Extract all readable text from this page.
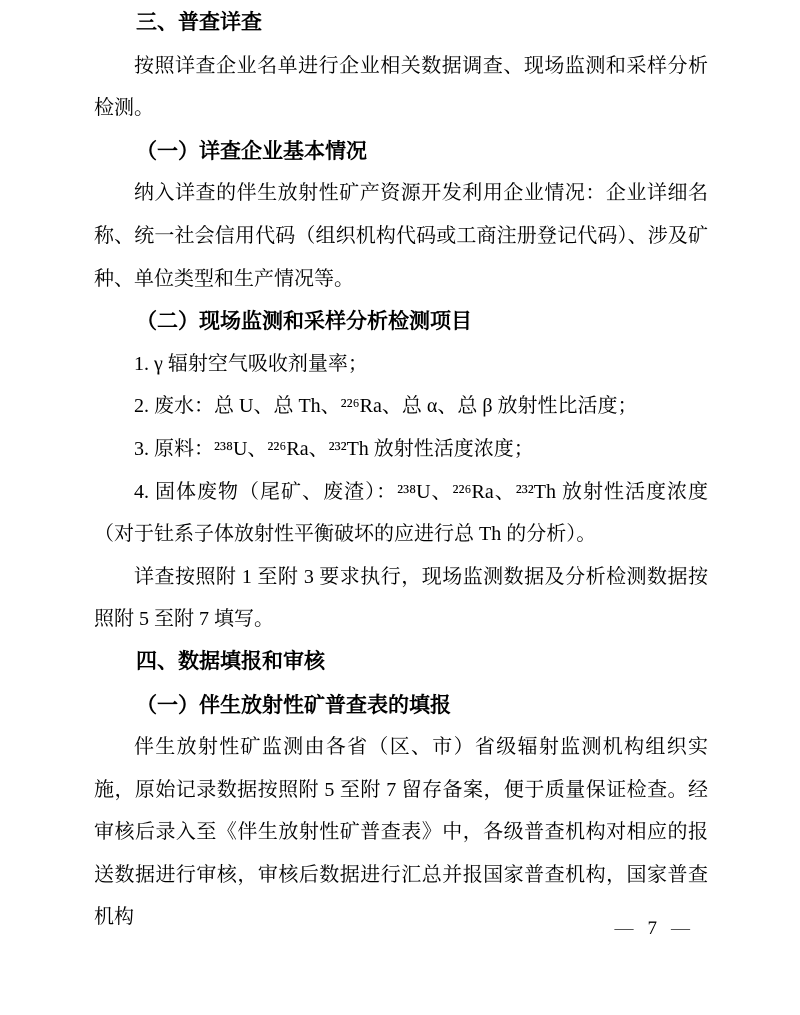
三、普查详查
按照详查企业名单进行企业相关数据调查、现场监测和采样分析检测。
（一）详查企业基本情况
纳入详查的伴生放射性矿产资源开发利用企业情况：企业详细名称、统一社会信用代码（组织机构代码或工商注册登记代码）、涉及矿种、单位类型和生产情况等。
（二）现场监测和采样分析检测项目
1. γ 辐射空气吸收剂量率；
2. 废水：总 U、总 Th、²²⁶Ra、总 α、总 β 放射性比活度；
3. 原料：²³⁸U、²²⁶Ra、²³²Th 放射性活度浓度；
4. 固体废物（尾矿、废渣）：²³⁸U、²²⁶Ra、²³²Th 放射性活度浓度（对于钍系子体放射性平衡破坏的应进行总 Th 的分析）。
详查按照附 1 至附 3 要求执行，现场监测数据及分析检测数据按照附 5 至附 7 填写。
四、数据填报和审核
（一）伴生放射性矿普查表的填报
伴生放射性矿监测由各省（区、市）省级辐射监测机构组织实施，原始记录数据按照附 5 至附 7 留存备案，便于质量保证检查。经审核后录入至《伴生放射性矿普查表》中，各级普查机构对相应的报送数据进行审核，审核后数据进行汇总并报国家普查机构，国家普查机构
— 7 —
